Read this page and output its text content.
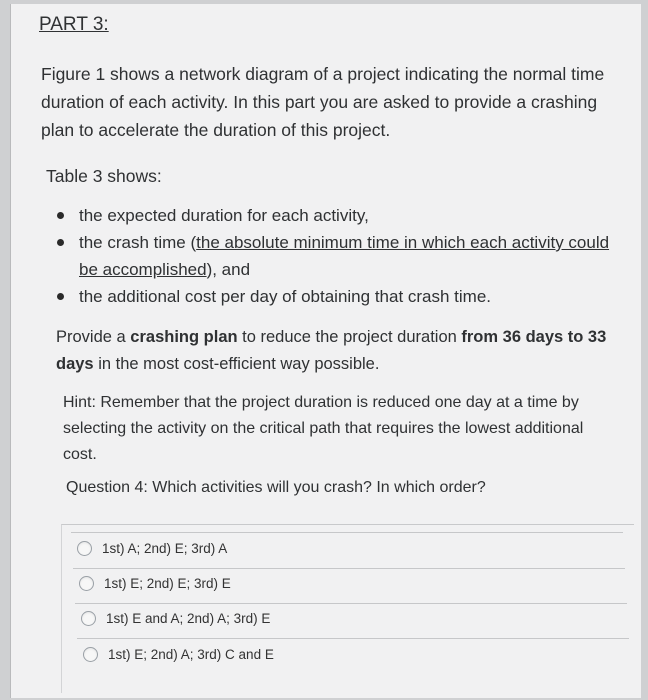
PART 3:
Figure 1 shows a network diagram of a project indicating the normal time
duration of each activity. In this part you are asked to provide a crashing
plan to accelerate the duration of this project.
Table 3 shows:
the expected duration for each activity,
the crash time (the absolute minimum time in which each activity could
be accomplished), and
the additional cost per day of obtaining that crash time.
Provide a crashing plan to reduce the project duration from 36 days to 33
days in the most cost-efficient way possible.
Hint: Remember that the project duration is reduced one day at a time by
selecting the activity on the critical path that requires the lowest additional
cost.
Question 4: Which activities will you crash? In which order?
1st) A; 2nd) E; 3rd) A
1st) E; 2nd) E; 3rd) E
1st) E and A; 2nd) A; 3rd) E
1st) E; 2nd) A; 3rd) C and E
